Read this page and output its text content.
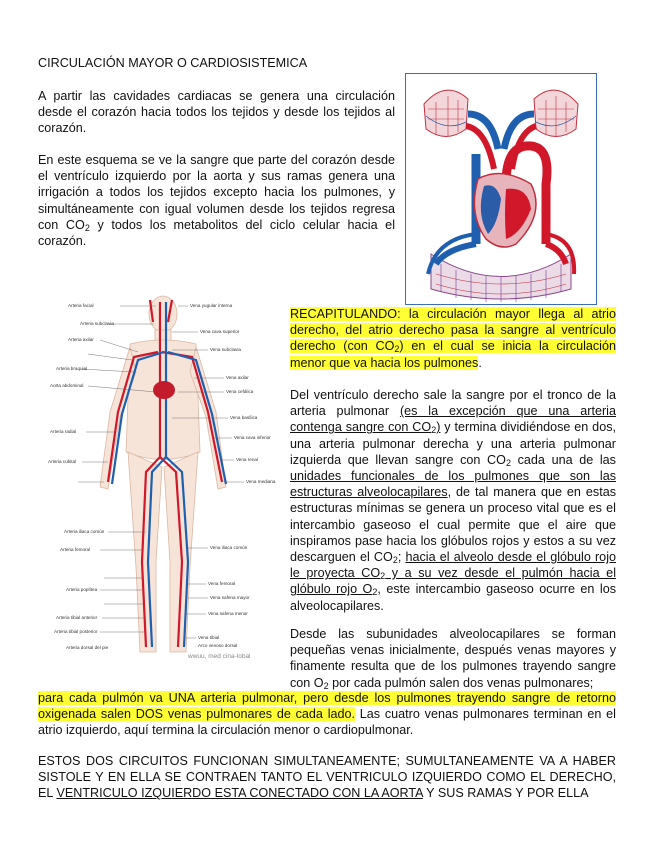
CIRCULACIÓN MAYOR O CARDIOSISTEMICA
A partir las cavidades cardiacas se genera una circulación desde el corazón hacia todos los tejidos y desde los tejidos al corazón.
En este esquema se ve la sangre que parte del corazón desde el ventrículo izquierdo por la aorta y sus ramas genera una irrigación a todos los tejidos excepto hacia los pulmones, y simultáneamente con igual volumen desde los tejidos regresa con $CO_2$ y todos los metabolitos del ciclo celular hacia el corazón.
Arteria facial
Arteria subclavia
Arteria axilar
Arteria braquial
Aorta abdominal
Arteria radial
Arteria cubital
Arteria iliaca común
Arteria femoral
Arteria poplítea
Arteria tibial anterior
Arteria tibial posterior
Arteria dorsal del pie
Vena yugular interna
Vena cava superior
Vena subclavia
Vena axilar
Vena cefálica
Vena basílica
Vena cava inferior
Vena renal
Vena mediana
Vena iliaca común
Vena femoral
Vena safena mayor
Vena safena menor
Vena tibial
Arco venoso dorsal
wwuu, med cina-lobal
RECAPITULANDO: la circulación mayor llega al atrio derecho, del atrio derecho pasa la sangre al ventrículo derecho (con $CO_2$) en el cual se inicia la circulación menor que va hacia los pulmones.
Del ventrículo derecho sale la sangre por el tronco de la arteria pulmonar (es la excepción que una arteria contenga sangre con $CO_2$) y termina dividiéndose en dos, una arteria pulmonar derecha y una arteria pulmonar izquierda que llevan sangre con $CO_2$ cada una de las unidades funcionales de los pulmones que son las estructuras alveolocapilares, de tal manera que en estas estructuras mínimas se genera un proceso vital que es el intercambio gaseoso el cual permite que el aire que inspiramos pase hacia los glóbulos rojos y estos a su vez descarguen el $CO_2$; hacia el alveolo desde el glóbulo rojo le proyecta $CO_2$ y a su vez desde el pulmón hacia el glóbulo rojo $O_2$, este intercambio gaseoso ocurre en los alveolocapilares.
Desde las subunidades alveolocapilares se forman pequeñas venas inicialmente, después venas mayores y finamente resulta que de los pulmones trayendo sangre con $O_2$ por cada pulmón salen dos venas pulmonares;
para cada pulmón va UNA arteria pulmonar, pero desde los pulmones trayendo sangre de retorno oxigenada salen DOS venas pulmonares de cada lado. Las cuatro venas pulmonares terminan en el atrio izquierdo, aquí termina la circulación menor o cardiopulmonar.
ESTOS DOS CIRCUITOS FUNCIONAN SIMULTANEAMENTE; SUMULTANEAMENTE VA A HABER SISTOLE Y EN ELLA SE CONTRAEN TANTO EL VENTRICULO IZQUIERDO COMO EL DERECHO, EL VENTRICULO IZQUIERDO ESTA CONECTADO CON LA AORTA Y SUS RAMAS Y POR ELLA
